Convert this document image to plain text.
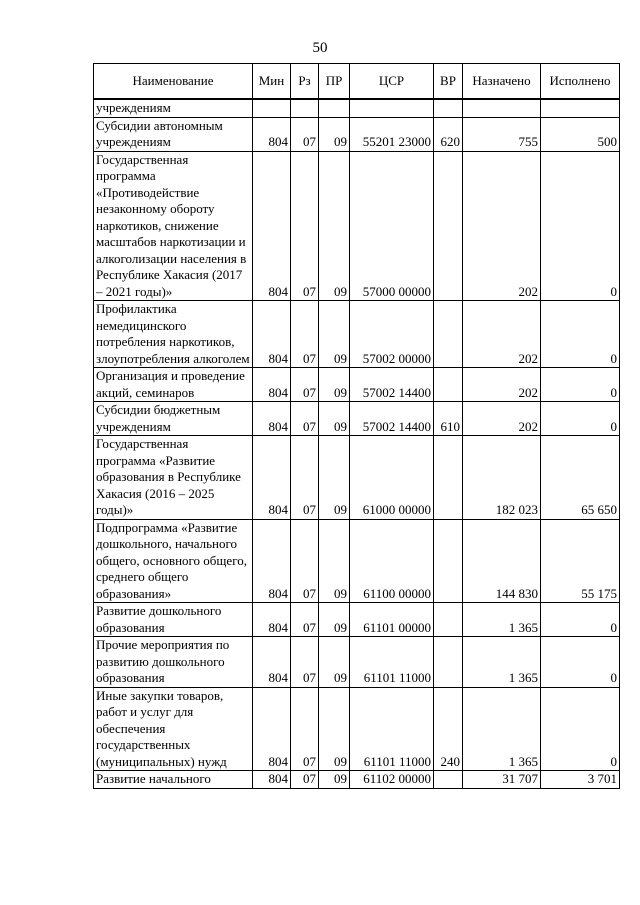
50
Наименование	Мин	Рз	ПР	ЦСР	ВР	Назначено	Исполнено
учреждениям							
Субсидии автономным учреждениям	804	07	09	55201 23000	620	755	500
Государственная программа «Противодействие незаконному обороту наркотиков, снижение масштабов наркотизации и алкоголизации населения в Республике Хакасия (2017 – 2021 годы)»	804	07	09	57000 00000		202	0
Профилактика немедицинского потребления наркотиков, злоупотребления алкоголем	804	07	09	57002 00000		202	0
Организация и проведение акций, семинаров	804	07	09	57002 14400		202	0
Субсидии бюджетным учреждениям	804	07	09	57002 14400	610	202	0
Государственная программа «Развитие образования в Республике Хакасия (2016 – 2025 годы)»	804	07	09	61000 00000		182 023	65 650
Подпрограмма «Развитие дошкольного, начального общего, основного общего, среднего общего образования»	804	07	09	61100 00000		144 830	55 175
Развитие дошкольного образования	804	07	09	61101 00000		1 365	0
Прочие мероприятия по развитию дошкольного образования	804	07	09	61101 11000		1 365	0
Иные закупки товаров, работ и услуг для обеспечения государственных (муниципальных) нужд	804	07	09	61101 11000	240	1 365	0
Развитие начального	804	07	09	61102 00000		31 707	3 701
